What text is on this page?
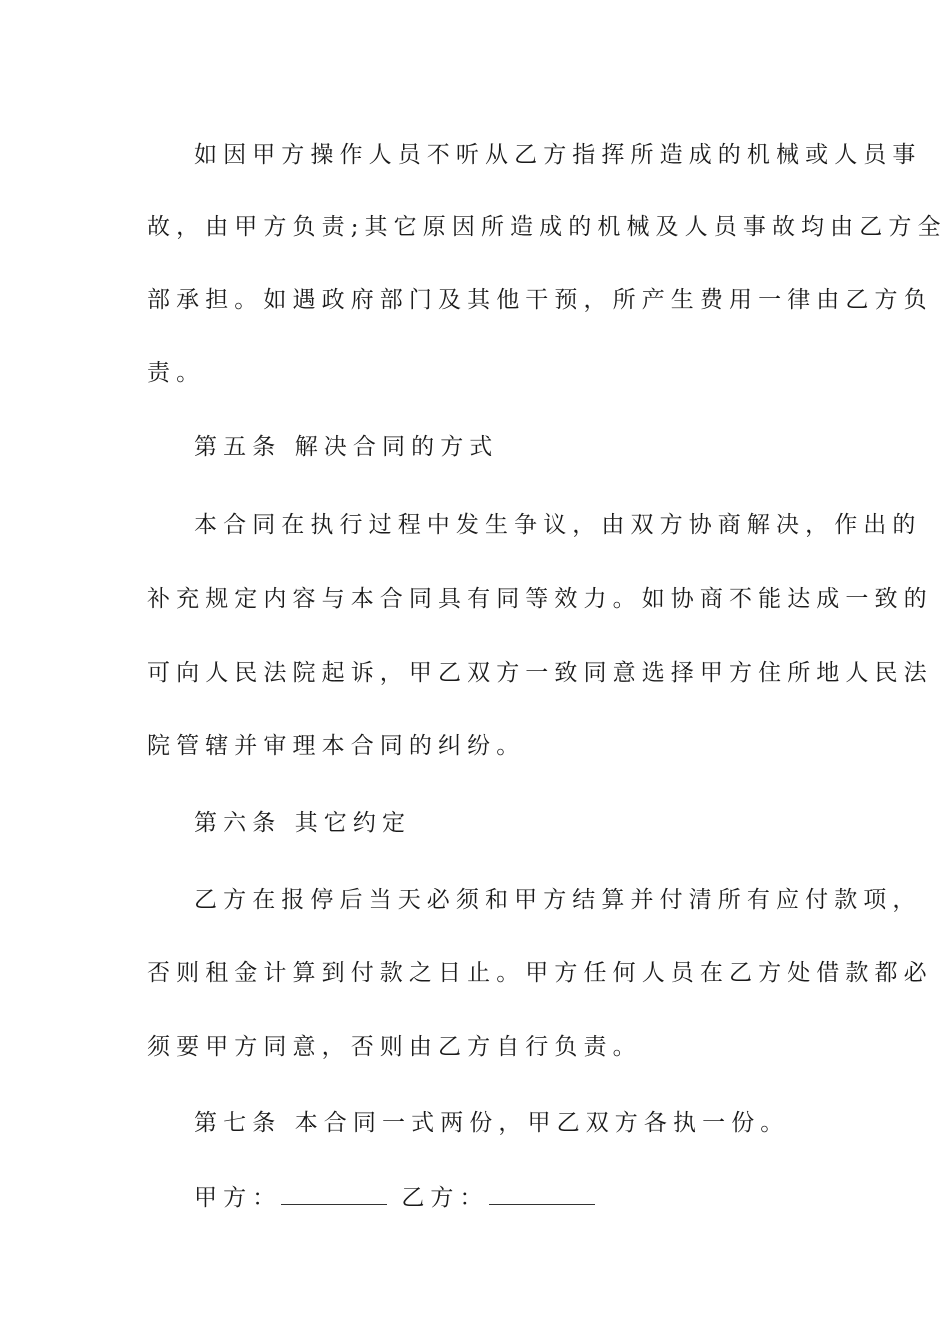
如因甲方操作人员不听从乙方指挥所造成的机械或人员事
故，由甲方负责;其它原因所造成的机械及人员事故均由乙方全
部承担。如遇政府部门及其他干预，所产生费用一律由乙方负
责。
第五条 解决合同的方式
本合同在执行过程中发生争议，由双方协商解决，作出的
补充规定内容与本合同具有同等效力。如协商不能达成一致的
可向人民法院起诉，甲乙双方一致同意选择甲方住所地人民法
院管辖并审理本合同的纠纷。
第六条 其它约定
乙方在报停后当天必须和甲方结算并付清所有应付款项，
否则租金计算到付款之日止。甲方任何人员在乙方处借款都必
须要甲方同意，否则由乙方自行负责。
第七条 本合同一式两份，甲乙双方各执一份。
甲方：	乙方：
